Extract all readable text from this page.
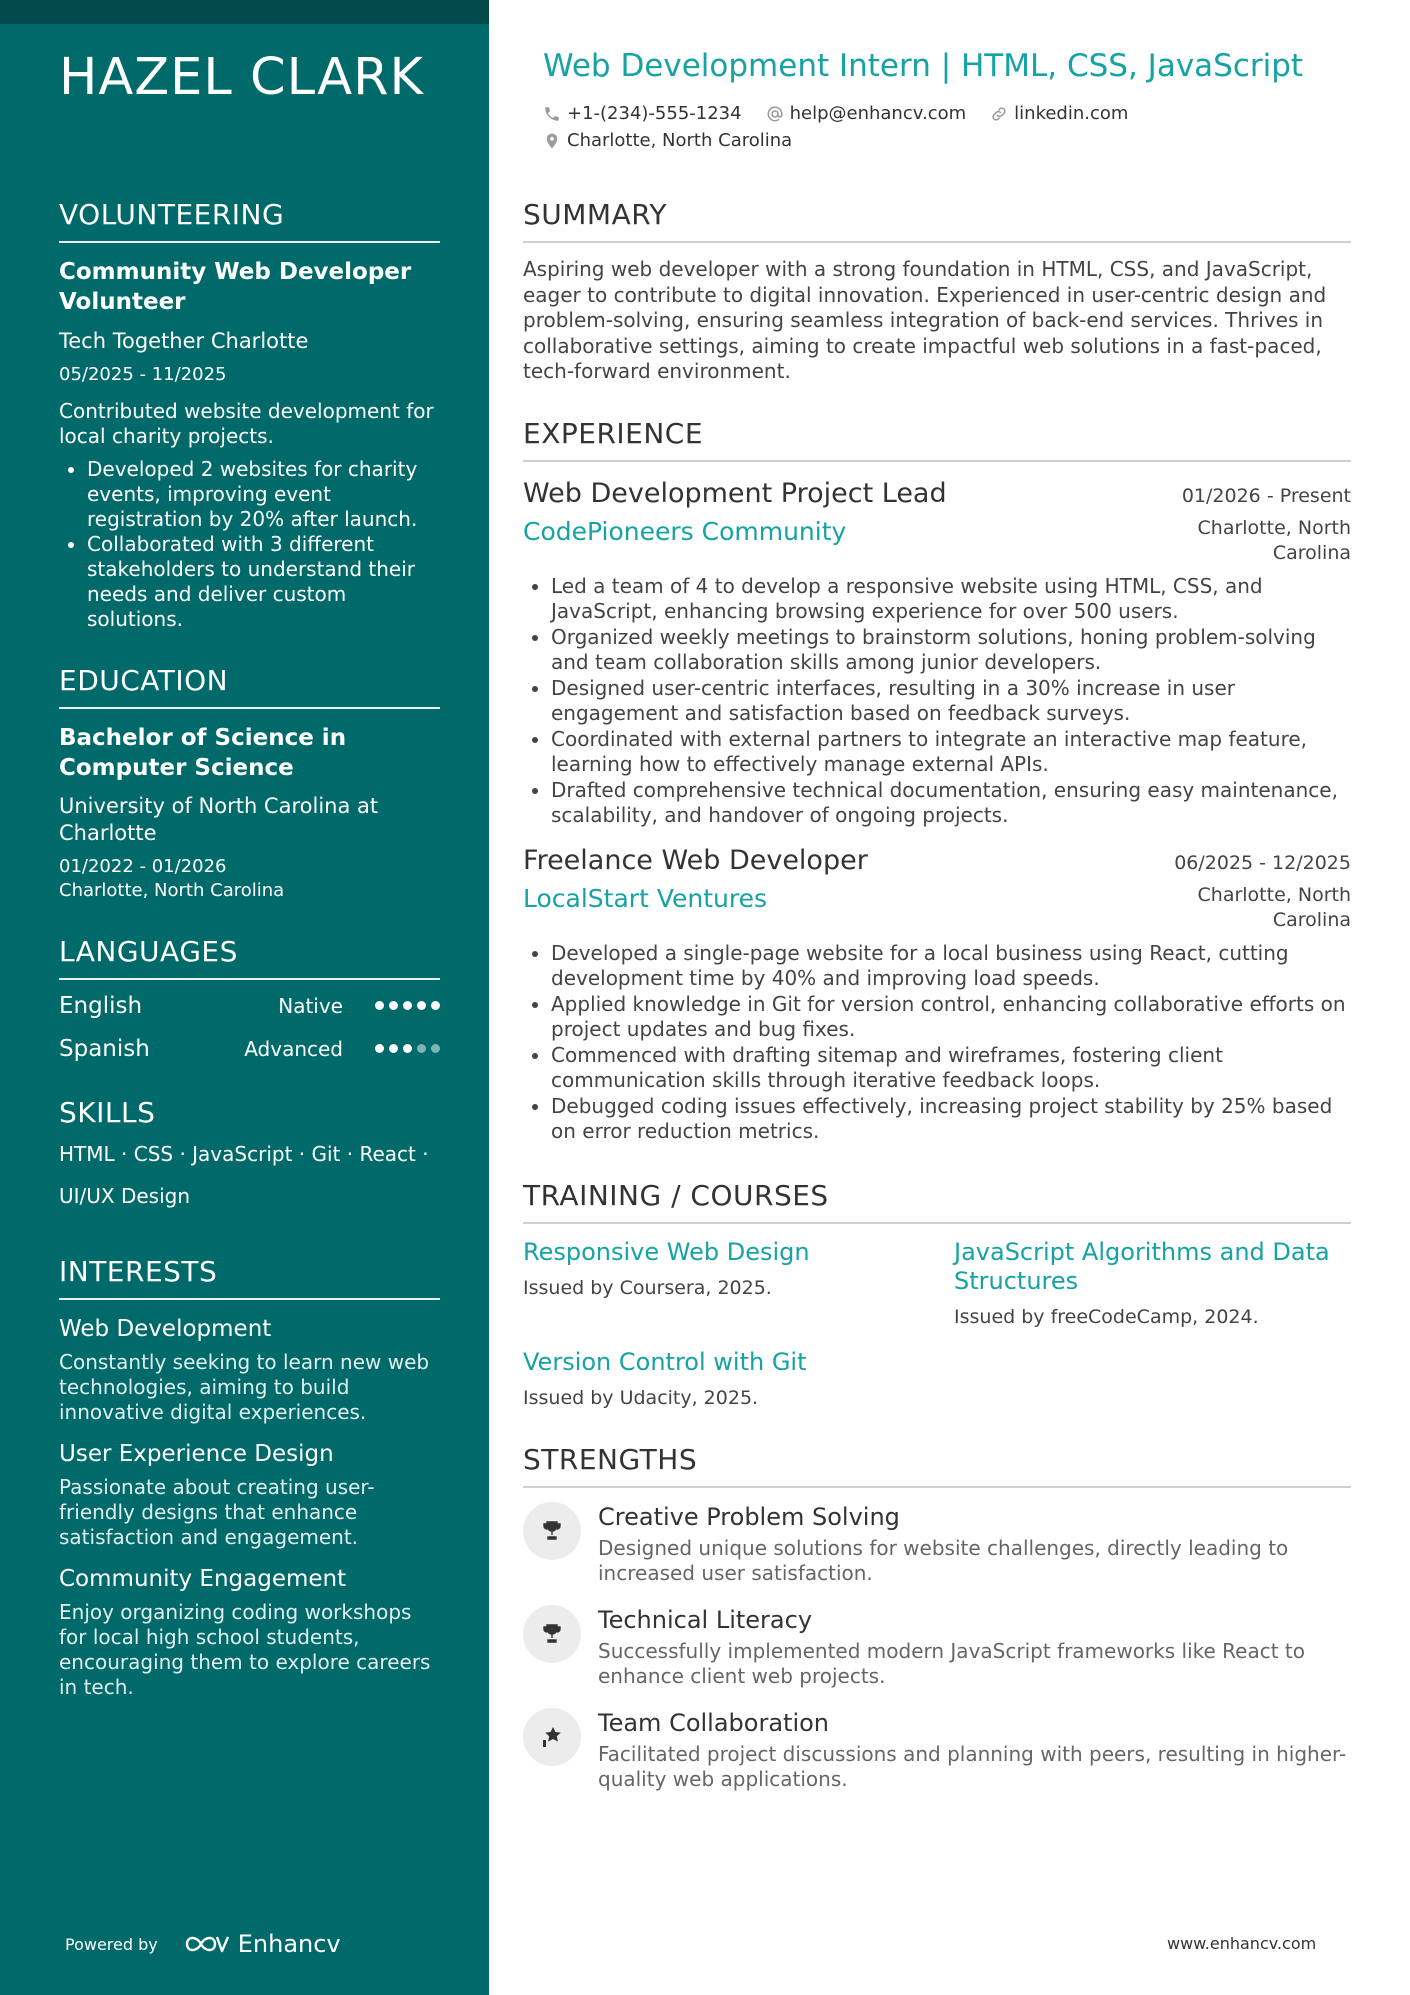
HAZEL CLARK
VOLUNTEERING
Community Web Developer Volunteer
Tech Together Charlotte
05/2025 - 11/2025
Contributed website development for local charity projects.
• Developed 2 websites for charity events, improving event registration by 20% after launch.
• Collaborated with 3 different stakeholders to understand their needs and deliver custom solutions.
EDUCATION
Bachelor of Science in Computer Science
University of North Carolina at Charlotte
01/2022 - 01/2026
Charlotte, North Carolina
LANGUAGES
English	Native
Spanish	Advanced
SKILLS
HTML · CSS · JavaScript · Git · React ·
UI/UX Design
INTERESTS
Web Development
Constantly seeking to learn new web technologies, aiming to build innovative digital experiences.
User Experience Design
Passionate about creating user-friendly designs that enhance satisfaction and engagement.
Community Engagement
Enjoy organizing coding workshops for local high school students, encouraging them to explore careers in tech.
Powered by	Enhancv
Web Development Intern | HTML, CSS, JavaScript
+1-(234)-555-1234	help@enhancv.com	linkedin.com
Charlotte, North Carolina
SUMMARY
Aspiring web developer with a strong foundation in HTML, CSS, and JavaScript, eager to contribute to digital innovation. Experienced in user-centric design and problem-solving, ensuring seamless integration of back-end services. Thrives in collaborative settings, aiming to create impactful web solutions in a fast-paced, tech-forward environment.
EXPERIENCE
Web Development Project Lead	01/2026 - Present
CodePioneers Community	Charlotte, North Carolina
• Led a team of 4 to develop a responsive website using HTML, CSS, and JavaScript, enhancing browsing experience for over 500 users.
• Organized weekly meetings to brainstorm solutions, honing problem-solving and team collaboration skills among junior developers.
• Designed user-centric interfaces, resulting in a 30% increase in user engagement and satisfaction based on feedback surveys.
• Coordinated with external partners to integrate an interactive map feature, learning how to effectively manage external APIs.
• Drafted comprehensive technical documentation, ensuring easy maintenance, scalability, and handover of ongoing projects.
Freelance Web Developer	06/2025 - 12/2025
LocalStart Ventures	Charlotte, North Carolina
• Developed a single-page website for a local business using React, cutting development time by 40% and improving load speeds.
• Applied knowledge in Git for version control, enhancing collaborative efforts on project updates and bug fixes.
• Commenced with drafting sitemap and wireframes, fostering client communication skills through iterative feedback loops.
• Debugged coding issues effectively, increasing project stability by 25% based on error reduction metrics.
TRAINING / COURSES
Responsive Web Design
Issued by Coursera, 2025.
JavaScript Algorithms and Data Structures
Issued by freeCodeCamp, 2024.
Version Control with Git
Issued by Udacity, 2025.
STRENGTHS
Creative Problem Solving
Designed unique solutions for website challenges, directly leading to increased user satisfaction.
Technical Literacy
Successfully implemented modern JavaScript frameworks like React to enhance client web projects.
Team Collaboration
Facilitated project discussions and planning with peers, resulting in higher-quality web applications.
www.enhancv.com
